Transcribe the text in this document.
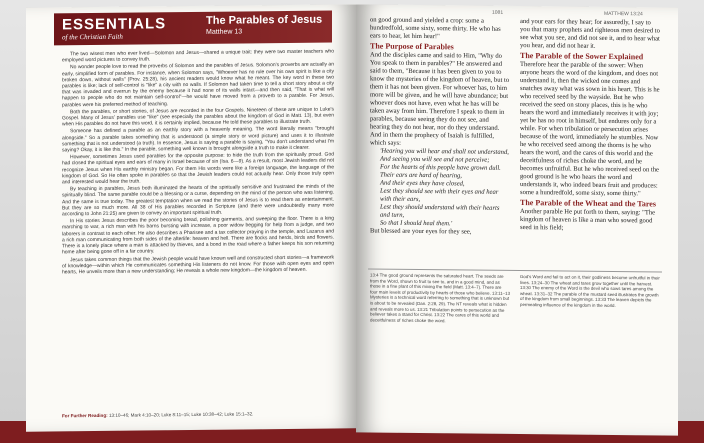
ESSENTIALS
of the Christian Faith
The Parables of Jesus
Matthew 13

The two wisest men who ever lived—Solomon and Jesus—shared a unique trait: they were two master teachers who employed word pictures to convey truth.

No wonder people love to read the proverbs of Solomon and the parables of Jesus. Solomon's proverbs are actually an early, simplified form of parables. For instance, when Solomon says, "Whoever has no rule over his own spirit is like a city broken down, without walls" (Prov. 25:28), his ancient readers would know what he meant. The key word in these two parables is like; lack of self-control is "like" a city with no walls. If Solomon had taken time to tell a short story about a city that was invaded and overrun by the enemy because it had none of its walls intact—and then said, "That is what will happen to people who do not maintain self-control"—he would have moved from a proverb to a parable. For Jesus, parables were his preferred method of teaching.

Both the parables, or short stories, of Jesus are recorded in the four Gospels. Nineteen of these are unique to Luke's Gospel. Many of Jesus' parables use "like" (see especially the parables about the kingdom of God in Matt. 13), but even when His parables do not have this word, it is certainly implied, because He told these parables to illustrate truth.

Someone has defined a parable as an earthly story with a heavenly meaning. The word literally means "brought alongside." So a parable takes something that is understood (a simple story or word picture) and uses it to illustrate something that is not understood (a truth). In essence, Jesus is saying a parable is saying, "You don't understand what I'm saying? Okay, it is like this." In the parable, something well known is brought alongside a truth to make it clearer.

However, sometimes Jesus used parables for the opposite purpose: to hide the truth from the spiritually proud. God had closed the spiritual eyes and ears of many in Israel because of sin (Isa. 6—9). As a result, most Jewish leaders did not recognize Jesus when His earthly ministry began. For them His words were like a foreign language, the language of the kingdom of God. So He often spoke in parables so that the Jewish leaders could not actually hear. Only those truly open and interested would hear the truth.

By teaching in parables, Jesus both illuminated the hearts of the spiritually sensitive and frustrated the minds of the spiritually blind. The same parable could be a blessing or a curse, depending on the mind of the person who was listening. And the same is true today. The greatest temptation when we read the stories of Jesus is to read them as entertainment. But they are so much more. All 38 of His parables recorded in Scripture (and there were undoubtedly many more according to John 21:25) are given to convey an important spiritual truth.

In His stories Jesus describes the poor becoming bread, polishing garments, and sweeping the floor. There is a king marching to war, a rich man with his barns bursting with increase, a poor widow begging for help from a judge, and two laborers in contrast to each other. He also describes a Pharisee and a tax collector praying in the temple, and Lazarus and a rich man communicating from both sides of the afterlife: heaven and hell. There are flocks and herds, birds and flowers. There is a lonely place where a man is attacked by thieves, and a bond in the road where a father keeps his son returning home after being gone off in a far country.

Jesus takes common things that the Jewish people would have known well and constructed short stories—a framework of knowledge—within which He communicates something His listeners do not know. For those with open eyes and open hearts, He unveils more than a new understanding; He reveals a whole new kingdom—the kingdom of heaven.

For Further Reading: 13:10–46; Mark 4:10–20; Luke 8:11–15; Luke 10:38–42; Luke 15:1–32.
1081	MATTHEW 13:24

on good ground and yielded a crop: some a hundredfold, some sixty, some thirty. He who has ears to hear, let him hear!"

The Purpose of Parables

And the disciples came and said to Him, "Why do You speak to them in parables?" He answered and said to them, "Because it has been given to you to know the mysteries of the kingdom of heaven, but to them it has not been given. For whoever has, to him more will be given, and he will have abundance; but whoever does not have, even what he has will be taken away from him. Therefore I speak to them in parables, because seeing they do not see, and hearing they do not hear, nor do they understand. And in them the prophecy of Isaiah is fulfilled, which says:

'Hearing you will hear and shall not understand,

And seeing you will see and not perceive;

For the hearts of this people have grown dull.

Their ears are hard of hearing,

And their eyes they have closed,

Lest they should see with their eyes and hear with their ears,

Lest they should understand with their hearts and turn,

So that I should heal them.'

But blessed are your eyes for they see,

and your ears for they hear; for assuredly, I say to you that many prophets and righteous men desired to see what you see, and did not see it, and to hear what you hear, and did not hear it.

The Parable of the Sower Explained

Therefore hear the parable of the sower: When anyone hears the word of the kingdom, and does not understand it, then the wicked one comes and snatches away what was sown in his heart. This is he who received seed by the wayside. But he who received the seed on stony places, this is he who hears the word and immediately receives it with joy; yet he has no root in himself, but endures only for a while. For when tribulation or persecution arises because of the word, immediately he stumbles. Now he who received seed among the thorns is he who hears the word, and the cares of this world and the deceitfulness of riches choke the word, and he becomes unfruitful. But he who received seed on the good ground is he who hears the word and understands it, who indeed bears fruit and produces: some a hundredfold, some sixty, some thirty."

The Parable of the Wheat and the Tares

Another parable He put forth to them, saying: "The kingdom of heaven is like a man who sowed good seed in his field;

13:4 The good ground represents the saturated heart. The seeds are from the Word, shown to fruit to see to, and in a good mind, and as those in a fine plant of this mixing the field (Matt. 13:4–7). There are four main levels of productivity by hearts of those who believe. 13:11–13 Mysteries is a technical word referring to something that is unknown but is about to be revealed (Dan. 2:28, 29). The NT reveals what is hidden and reveals more to us. 13:21 Tribulation points to persecution as the believer takes a stand for Christ. 13:22 The cares of this world and deceitfulness of riches choke the word.
God's Word and fail to act on it, their godliness become unfruitful in their lives. 13:24–30 The wheat and tares grow together until the harvest. 13:30 The enemy of the Word is the devil who sows tares among the wheat. 13:31–32 The parable of the mustard seed illustrates the growth of the kingdom from small beginnings. 13:33 The leaven depicts the permeating influence of the kingdom in the world.
